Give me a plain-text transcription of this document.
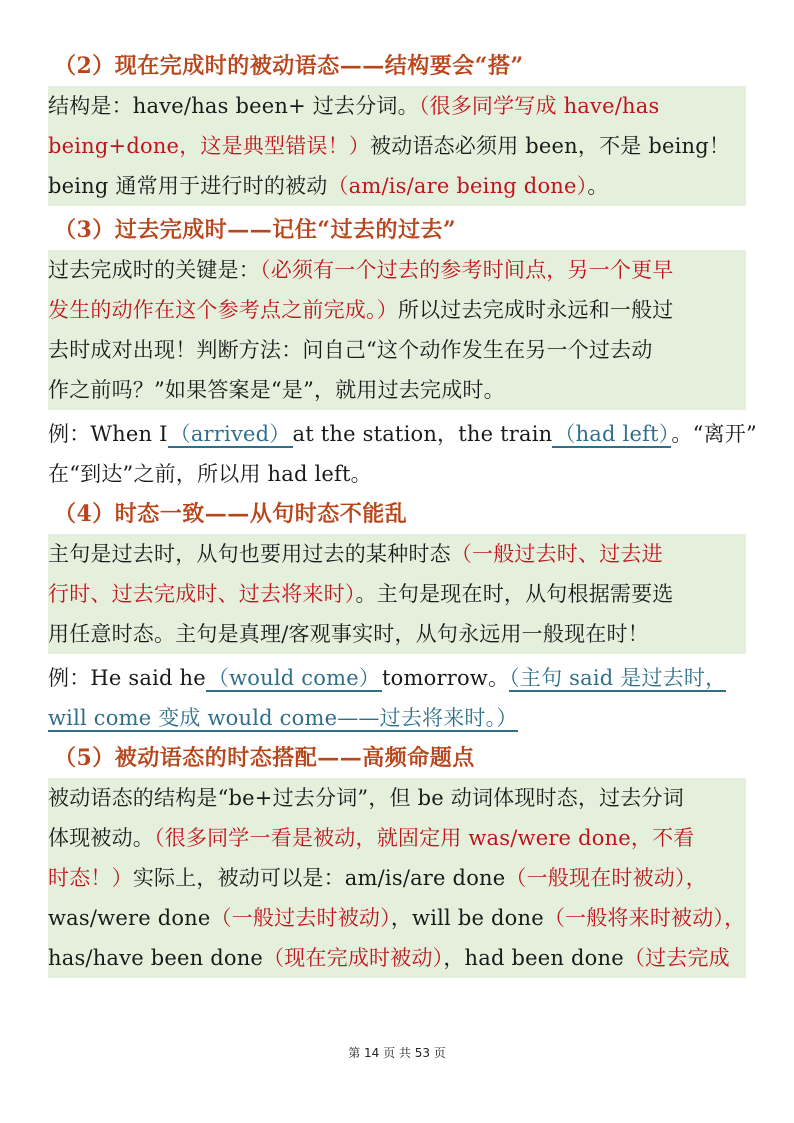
（2）现在完成时的被动语态——结构要会“搭”
结构是：have/has been+ 过去分词。（很多同学写成 have/has
being+done，这是典型错误！）被动语态必须用 been，不是 being！
being 通常用于进行时的被动（am/is/are being done）。
（3）过去完成时——记住“过去的过去”
过去完成时的关键是：（必须有一个过去的参考时间点，另一个更早
发生的动作在这个参考点之前完成。）所以过去完成时永远和一般过
去时成对出现！判断方法：问自己“这个动作发生在另一个过去动
作之前吗？”如果答案是“是”，就用过去完成时。
例：When I（arrived）at the station，the train（had left）。“离开”
在“到达”之前，所以用 had left。
（4）时态一致——从句时态不能乱
主句是过去时，从句也要用过去的某种时态（一般过去时、过去进
行时、过去完成时、过去将来时）。主句是现在时，从句根据需要选
用任意时态。主句是真理/客观事实时，从句永远用一般现在时！
例：He said he（would come）tomorrow。（主句 said 是过去时，
will come 变成 would come——过去将来时。）
（5）被动语态的时态搭配——高频命题点
被动语态的结构是“be+过去分词”，但 be 动词体现时态，过去分词
体现被动。（很多同学一看是被动，就固定用 was/were done，不看
时态！）实际上，被动可以是：am/is/are done（一般现在时被动），
was/were done（一般过去时被动），will be done（一般将来时被动），
has/have been done（现在完成时被动），had been done（过去完成
第 14 页 共 53 页
